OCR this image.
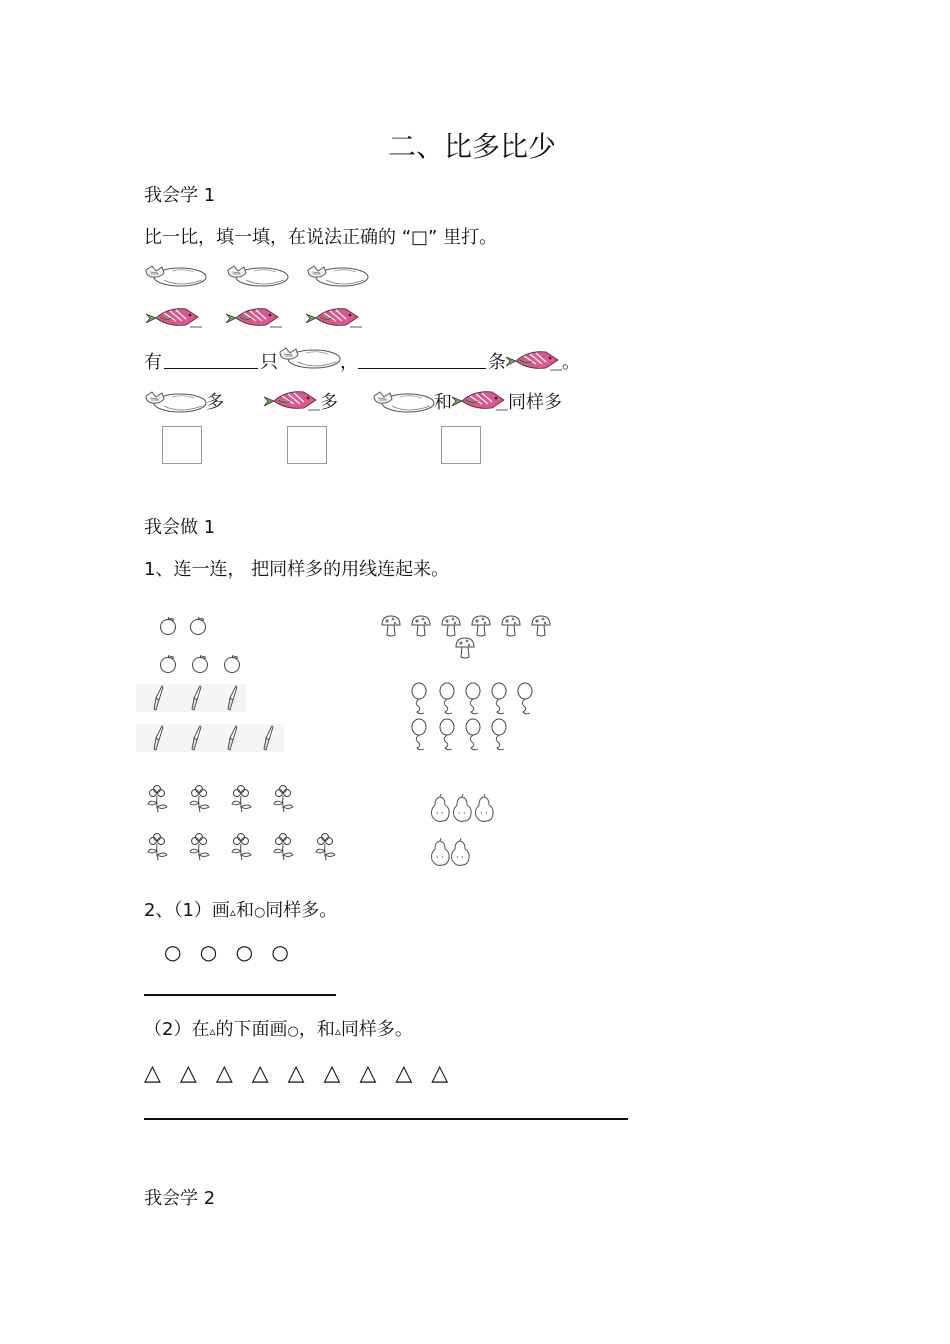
二、比多比少
我会学 1
比一比，填一填，在说法正确的 “□” 里打。
有	只	，	条	。
多	多	和	同样多
我会做 1
1、连一连， 把同样多的用线连起来。
2、（1）画▵和○同样多。
○ ○ ○ ○
（2）在▵的下面画○，和▵同样多。
△ △ △ △ △ △ △ △ △
我会学 2
